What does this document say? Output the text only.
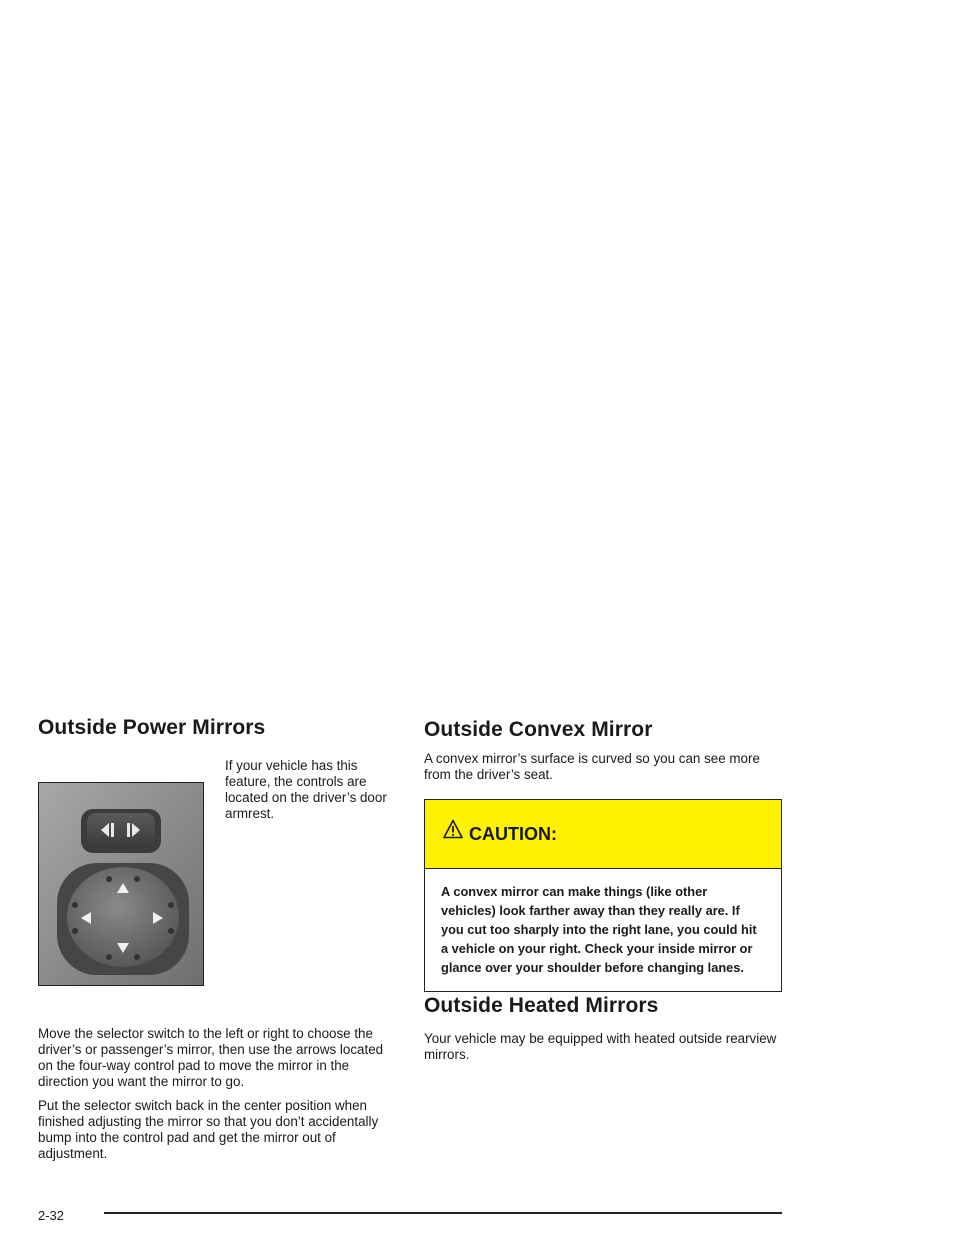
Outside Power Mirrors

If your vehicle has this feature, the controls are located on the driver’s door armrest.

Move the selector switch to the left or right to choose the driver’s or passenger’s mirror, then use the arrows located on the four-way control pad to move the mirror in the direction you want the mirror to go.

Put the selector switch back in the center position when finished adjusting the mirror so that you don’t accidentally bump into the control pad and get the mirror out of adjustment.

Outside Convex Mirror

A convex mirror’s surface is curved so you can see more from the driver’s seat.

CAUTION:

A convex mirror can make things (like other vehicles) look farther away than they really are. If you cut too sharply into the right lane, you could hit a vehicle on your right. Check your inside mirror or glance over your shoulder before changing lanes.

Outside Heated Mirrors

Your vehicle may be equipped with heated outside rearview mirrors.

2-32
